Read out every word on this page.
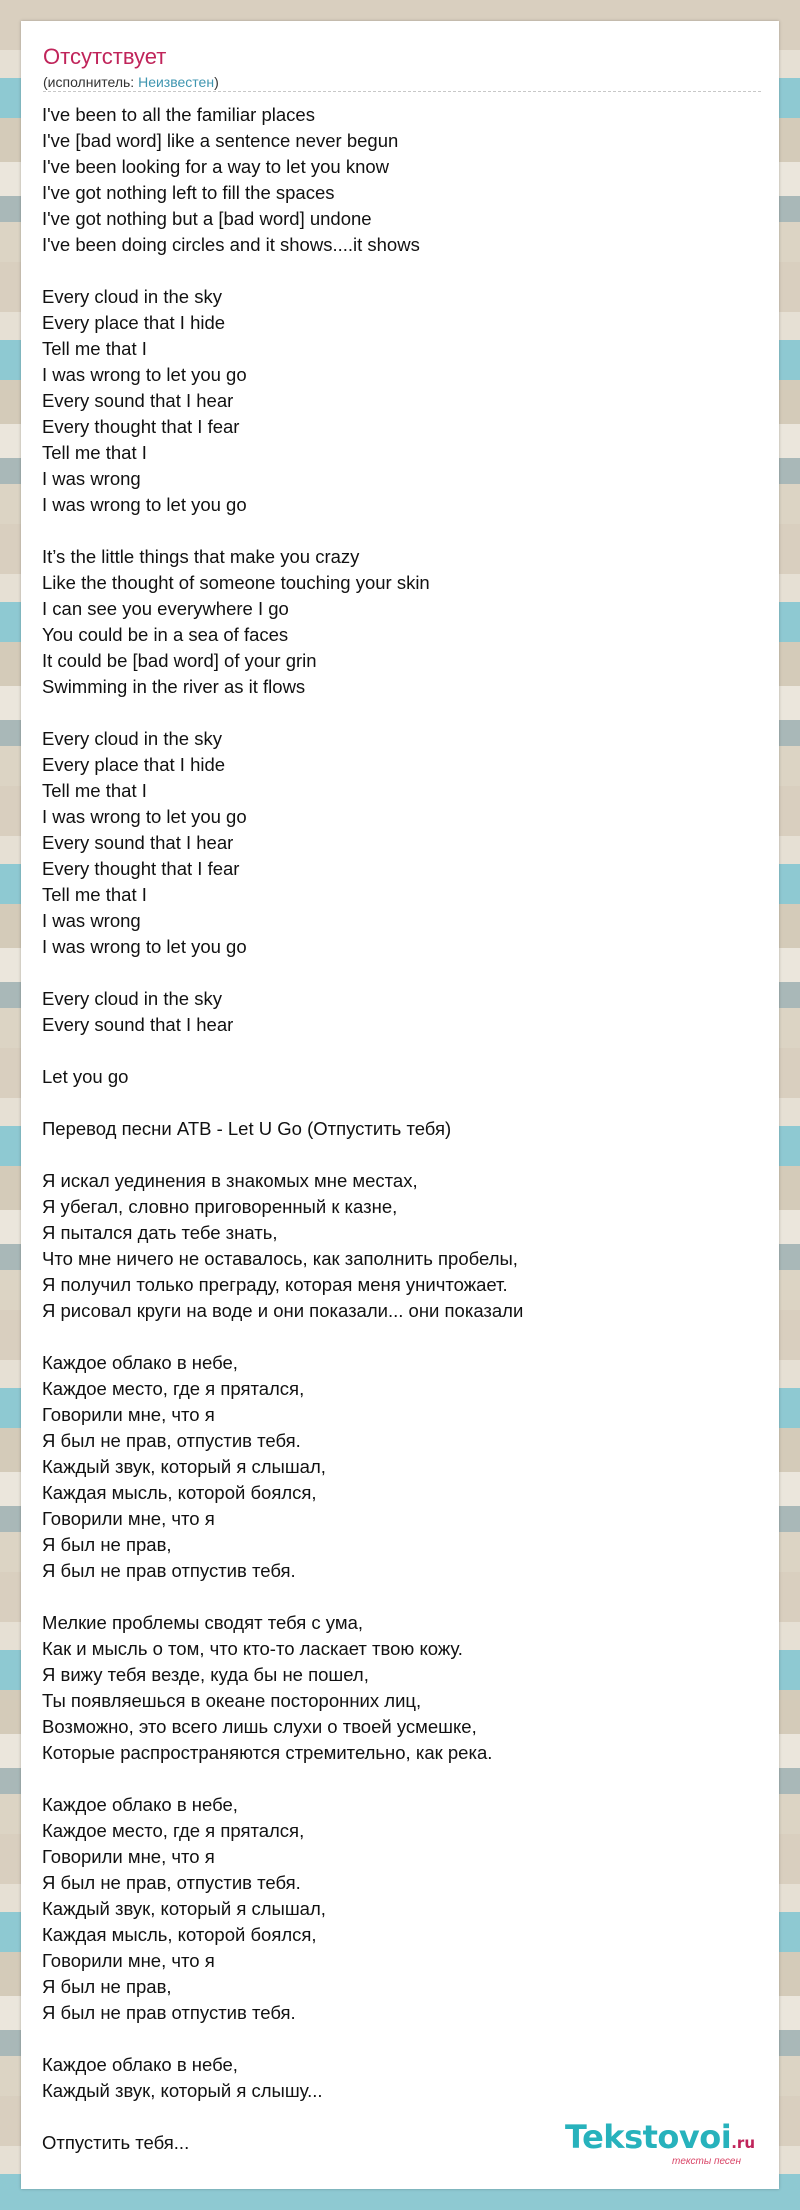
Отсутствует
(исполнитель: Неизвестен)
I've been to all the familiar places
I've [bad word] like a sentence never begun
I've been looking for a way to let you know
I've got nothing left to fill the spaces
I've got nothing but a [bad word] undone
I've been doing circles and it shows....it shows
Every cloud in the sky
Every place that I hide
Tell me that I
I was wrong to let you go
Every sound that I hear
Every thought that I fear
Tell me that I
I was wrong
I was wrong to let you go
It’s the little things that make you crazy
Like the thought of someone touching your skin
I can see you everywhere I go
You could be in a sea of faces
It could be [bad word] of your grin
Swimming in the river as it flows
Every cloud in the sky
Every place that I hide
Tell me that I
I was wrong to let you go
Every sound that I hear
Every thought that I fear
Tell me that I
I was wrong
I was wrong to let you go
Every cloud in the sky
Every sound that I hear
Let you go
Перевод песни ATB - Let U Go (Отпустить тебя)
Я искал уединения в знакомых мне местах,
Я убегал, словно приговоренный к казне,
Я пытался дать тебе знать,
Что мне ничего не оставалось, как заполнить пробелы,
Я получил только преграду, которая меня уничтожает.
Я рисовал круги на воде и они показали... они показали
Каждое облако в небе,
Каждое место, где я прятался,
Говорили мне, что я
Я был не прав, отпустив тебя.
Каждый звук, который я слышал,
Каждая мысль, которой боялся,
Говорили мне, что я
Я был не прав,
Я был не прав отпустив тебя.
Мелкие проблемы сводят тебя с ума,
Как и мысль о том, что кто-то ласкает твою кожу.
Я вижу тебя везде, куда бы не пошел,
Ты появляешься в океане посторонних лиц,
Возможно, это всего лишь слухи о твоей усмешке,
Которые распространяются стремительно, как река.
Каждое облако в небе,
Каждое место, где я прятался,
Говорили мне, что я
Я был не прав, отпустив тебя.
Каждый звук, который я слышал,
Каждая мысль, которой боялся,
Говорили мне, что я
Я был не прав,
Я был не прав отпустив тебя.
Каждое облако в небе,
Каждый звук, который я слышу...
Отпустить тебя...	Tekstovoi.ru
тексты песен
